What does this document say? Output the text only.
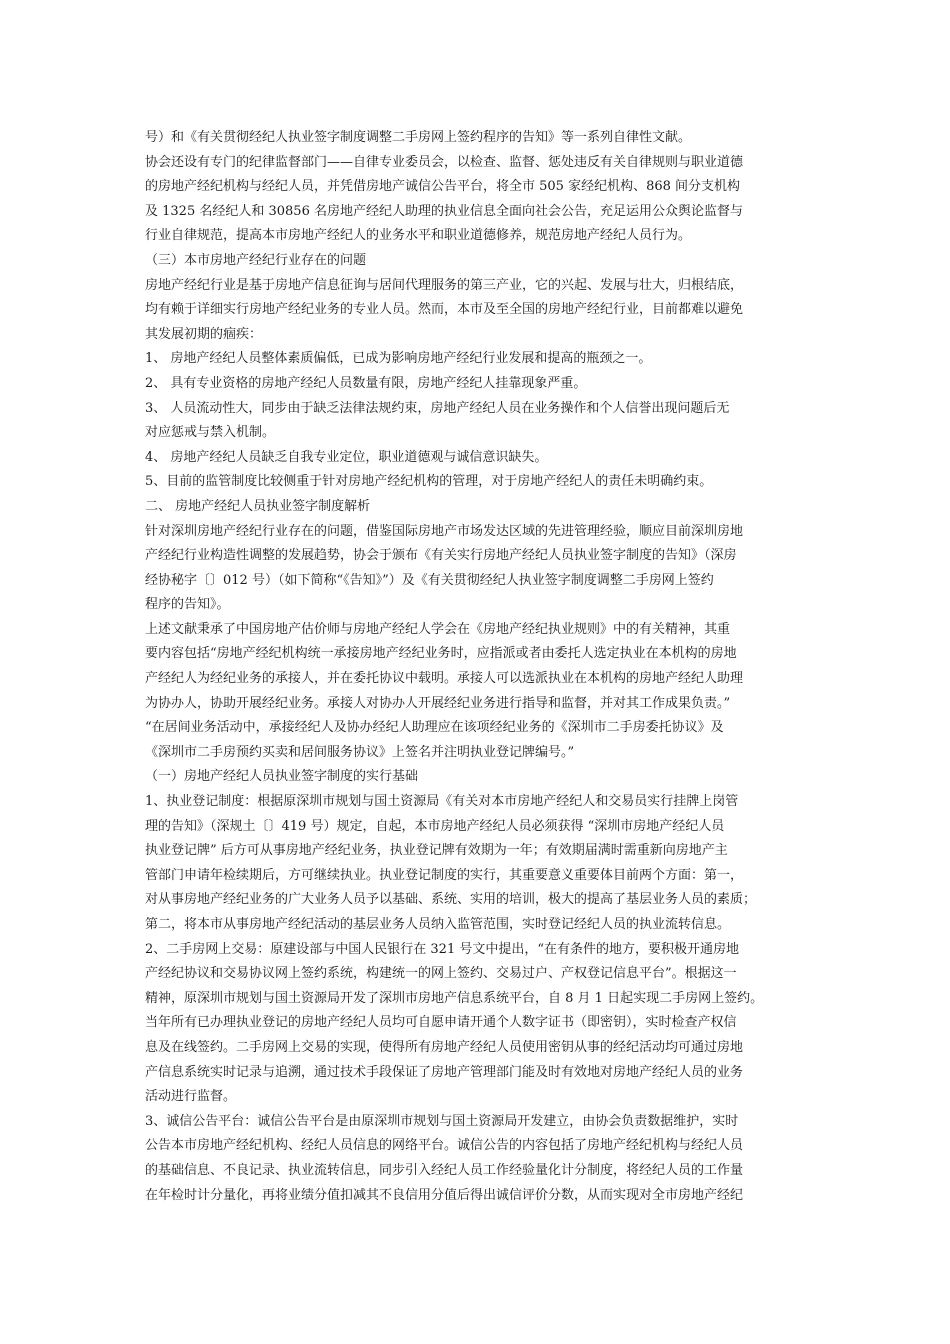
号）和《有关贯彻经纪人执业签字制度调整二手房网上签约程序的告知》等一系列自律性文献。
协会还设有专门的纪律监督部门——自律专业委员会，以检查、监督、惩处违反有关自律规则与职业道德
的房地产经纪机构与经纪人员，并凭借房地产诚信公告平台，将全市 505 家经纪机构、868 间分支机构
及 1325 名经纪人和 30856 名房地产经纪人助理的执业信息全面向社会公告，充足运用公众舆论监督与
行业自律规范，提高本市房地产经纪人的业务水平和职业道德修养，规范房地产经纪人员行为。
（三）本市房地产经纪行业存在的问题
房地产经纪行业是基于房地产信息征询与居间代理服务的第三产业，它的兴起、发展与壮大，归根结底，
均有赖于详细实行房地产经纪业务的专业人员。然而，本市及至全国的房地产经纪行业，目前都难以避免
其发展初期的痼疾：
1、 房地产经纪人员整体素质偏低，已成为影响房地产经纪行业发展和提高的瓶颈之一。
2、 具有专业资格的房地产经纪人员数量有限，房地产经纪人挂靠现象严重。
3、 人员流动性大，同步由于缺乏法律法规约束，房地产经纪人员在业务操作和个人信誉出现问题后无
对应惩戒与禁入机制。
4、 房地产经纪人员缺乏自我专业定位，职业道德观与诚信意识缺失。
5、目前的监管制度比较侧重于针对房地产经纪机构的管理，对于房地产经纪人的责任未明确约束。
二、 房地产经纪人员执业签字制度解析
针对深圳房地产经纪行业存在的问题，借鉴国际房地产市场发达区域的先进管理经验，顺应目前深圳房地
产经纪行业构造性调整的发展趋势，协会于颁布《有关实行房地产经纪人员执业签字制度的告知》（深房
经协秘字〔〕012 号）（如下简称“《告知》”）及《有关贯彻经纪人执业签字制度调整二手房网上签约
程序的告知》。
上述文献秉承了中国房地产估价师与房地产经纪人学会在《房地产经纪执业规则》中的有关精神，其重
要内容包括“房地产经纪机构统一承接房地产经纪业务时，应指派或者由委托人选定执业在本机构的房地
产经纪人为经纪业务的承接人，并在委托协议中载明。承接人可以选派执业在本机构的房地产经纪人助理
为协办人，协助开展经纪业务。承接人对协办人开展经纪业务进行指导和监督，并对其工作成果负责。”
“在居间业务活动中，承接经纪人及协办经纪人助理应在该项经纪业务的《深圳市二手房委托协议》及
《深圳市二手房预约买卖和居间服务协议》上签名并注明执业登记牌编号。”
（一）房地产经纪人员执业签字制度的实行基础
1、执业登记制度：根据原深圳市规划与国土资源局《有关对本市房地产经纪人和交易员实行挂牌上岗管
理的告知》（深规土〔〕419 号）规定，自起，本市房地产经纪人员必须获得 “深圳市房地产经纪人员
执业登记牌” 后方可从事房地产经纪业务，执业登记牌有效期为一年；有效期届满时需重新向房地产主
管部门申请年检续期后，方可继续执业。执业登记制度的实行，其重要意义重要体目前两个方面：第一，
对从事房地产经纪业务的广大业务人员予以基础、系统、实用的培训，极大的提高了基层业务人员的素质；
第二，将本市从事房地产经纪活动的基层业务人员纳入监管范围，实时登记经纪人员的执业流转信息。
2、二手房网上交易：原建设部与中国人民银行在 321 号文中提出，“在有条件的地方，要积极开通房地
产经纪协议和交易协议网上签约系统，构建统一的网上签约、交易过户、产权登记信息平台”。根据这一
精神，原深圳市规划与国土资源局开发了深圳市房地产信息系统平台，自 8 月 1 日起实现二手房网上签约。
当年所有已办理执业登记的房地产经纪人员均可自愿申请开通个人数字证书（即密钥），实时检查产权信
息及在线签约。二手房网上交易的实现，使得所有房地产经纪人员使用密钥从事的经纪活动均可通过房地
产信息系统实时记录与追溯，通过技术手段保证了房地产管理部门能及时有效地对房地产经纪人员的业务
活动进行监督。
3、诚信公告平台：诚信公告平台是由原深圳市规划与国土资源局开发建立，由协会负责数据维护，实时
公告本市房地产经纪机构、经纪人员信息的网络平台。诚信公告的内容包括了房地产经纪机构与经纪人员
的基础信息、不良记录、执业流转信息，同步引入经纪人员工作经验量化计分制度，将经纪人员的工作量
在年检时计分量化，再将业绩分值扣减其不良信用分值后得出诚信评价分数，从而实现对全市房地产经纪
